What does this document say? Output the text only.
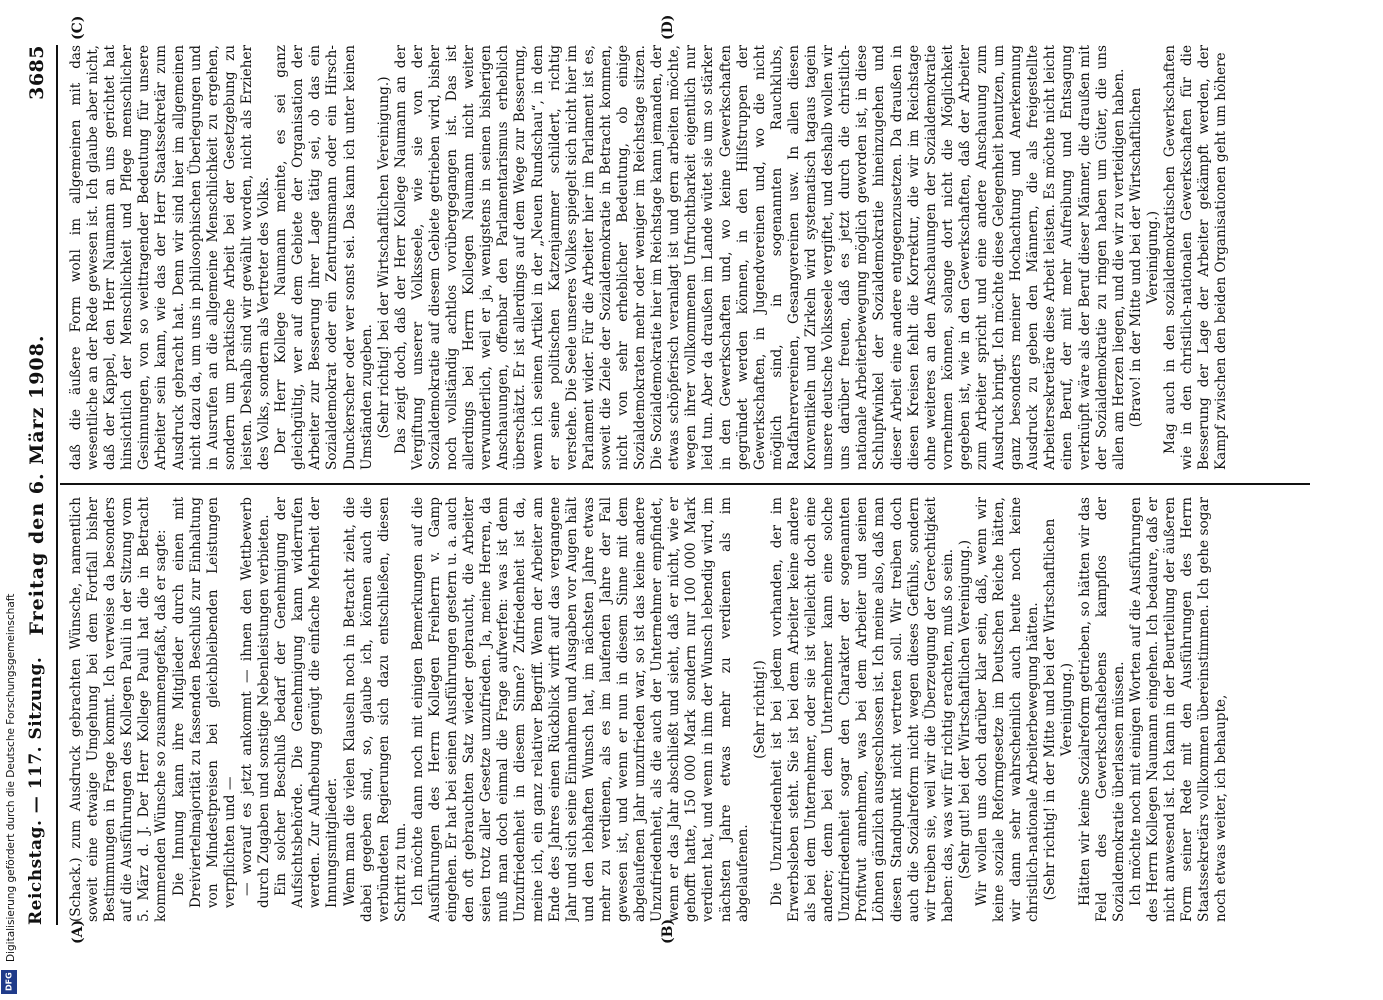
Reichstag. — 117. Sitzung.
Freitag den 6. März 1908.
3685
(A)	(B)
(C)	(D)

(Schack.) zum Ausdruck gebrachten Wünsche, namentlich soweit eine etwaige Umgehung bei dem Fortfall bisher Bestimmungen in Frage kommt. Ich verweise da besonders auf die Ausführungen des Kollegen Pauli in der Sitzung vom 5. März d. J. Der Herr Kollege Pauli hat die in Betracht kommenden Wünsche so zusammengefaßt, daß er sagte: Die Innung kann ihre Mitglieder durch einen mit Dreiviertelmajorität zu fassenden Beschluß zur Einhaltung von Mindestpreisen bei gleichbleibenden Leistungen verpflichten und — — worauf es jetzt ankommt — ihnen den Wettbewerb durch Zugaben und sonstige Nebenleistungen verbieten. Ein solcher Beschluß bedarf der Genehmigung der Aufsichtsbehörde. Die Genehmigung kann widerrufen werden. Zur Aufhebung genügt die einfache Mehrheit der Innungsmitglieder. Wenn man die vielen Klauseln noch in Betracht zieht, die dabei gegeben sind, so, glaube ich, können auch die verbündeten Regierungen sich dazu entschließen, diesen Schritt zu tun. Ich möchte dann noch mit einigen Bemerkungen auf die Ausführungen des Herrn Kollegen Freiherrn v. Gamp eingehen. Er hat bei seinen Ausführungen gestern u. a. auch den oft gebrauchten Satz wieder gebraucht, die Arbeiter seien trotz aller Gesetze unzufrieden. Ja, meine Herren, da muß man doch einmal die Frage aufwerfen: was ist denn Unzufriedenheit in diesem Sinne? Zufriedenheit ist da, meine ich, ein ganz relativer Begriff. Wenn der Arbeiter am Ende des Jahres einen Rückblick wirft auf das vergangene Jahr und sich seine Einnahmen und Ausgaben vor Augen hält und den lebhaften Wunsch hat, im nächsten Jahre etwas mehr zu verdienen, als es im laufenden Jahre der Fall gewesen ist, und wenn er nun in diesem Sinne mit dem abgelaufenen Jahr unzufrieden war, so ist das keine andere Unzufriedenheit, als die auch der Unternehmer empfindet, wenn er das Jahr abschließt und sieht, daß er nicht, wie er gehofft hatte, 150 000 Mark sondern nur 100 000 Mark verdient hat, und wenn in ihm der Wunsch lebendig wird, im nächsten Jahre etwas mehr zu verdienen als im abgelaufenen.

(Sehr richtig!) Die Unzufriedenheit ist bei jedem vorhanden, der im Erwerbsleben steht. Sie ist bei dem Arbeiter keine andere als bei dem Unternehmer, oder sie ist vielleicht doch eine andere; denn bei dem Unternehmer kann eine solche Unzufriedenheit sogar den Charakter der sogenannten Profitwut annehmen, was bei dem Arbeiter und seinen Löhnen gänzlich ausgeschlossen ist. Ich meine also, daß man diesen Standpunkt nicht vertreten soll. Wir treiben doch auch die Sozialreform nicht wegen dieses Gefühls, sondern wir treiben sie, weil wir die Überzeugung der Gerechtigkeit haben: das, was wir für richtig erachten, muß so sein. (Sehr gut! bei der Wirtschaftlichen Vereinigung.) Wir wollen uns doch darüber klar sein, daß, wenn wir keine soziale Reformgesetze im Deutschen Reiche hätten, wir dann sehr wahrscheinlich auch heute noch keine christlich-nationale Arbeiterbewegung hätten. (Sehr richtig! in der Mitte und bei der Wirtschaftlichen Vereinigung.) Hätten wir keine Sozialreform getrieben, so hätten wir das Feld des Gewerkschaftslebens kampflos der Sozialdemokratie überlassen müssen. Ich möchte noch mit einigen Worten auf die Ausführungen des Herrn Kollegen Naumann eingehen. Ich bedaure, daß er nicht anwesend ist. Ich kann in der Beurteilung der äußeren Form seiner Rede mit den Ausführungen des Herrn Staatssekretärs vollkommen übereinstimmen. Ich gehe sogar noch etwas weiter, ich behaupte,

daß die äußere Form wohl im allgemeinen mit das wesentliche an der Rede gewesen ist. Ich glaube aber nicht, daß der Kappel, den Herr Naumann an uns gerichtet hat hinsichtlich der Menschlichkeit und Pflege menschlicher Gesinnungen, von so weittragender Bedeutung für unsere Arbeiter sein kann, wie das der Herr Staatssekretär zum Ausdruck gebracht hat. Denn wir sind hier im allgemeinen nicht dazu da, um uns in philosophischen Überlegungen und in Ausrufen an die allgemeine Menschlichkeit zu ergehen, sondern um praktische Arbeit bei der Gesetzgebung zu leisten. Deshalb sind wir gewählt worden, nicht als Erzieher des Volks, sondern als Vertreter des Volks. Der Herr Kollege Naumann meinte, es sei ganz gleichgültig, wer auf dem Gebiete der Organisation der Arbeiter zur Besserung ihrer Lage tätig sei, ob das ein Sozialdemokrat oder ein Zentrumsmann oder ein Hirsch-Dunckerscher oder wer sonst sei. Das kann ich unter keinen Umständen zugeben. (Sehr richtig! bei der Wirtschaftlichen Vereinigung.) Das zeigt doch, daß der Herr Kollege Naumann an der Vergiftung unserer Volksseele, wie sie von der Sozialdemokratie auf diesem Gebiete getrieben wird, bisher noch vollständig achtlos vorübergegangen ist. Das ist allerdings bei Herrn Kollegen Naumann nicht weiter verwunderlich, weil er ja, wenigstens in seinen bisherigen Anschauungen, offenbar den Parlamentarismus erheblich überschätzt. Er ist allerdings auf dem Wege zur Besserung, wenn ich seinen Artikel in der „Neuen Rundschau“, in dem er seine politischen Katzenjammer schildert, richtig verstehe. Die Seele unseres Volkes spiegelt sich nicht hier im Parlament wider. Für die Arbeiter hier im Parlament ist es, soweit die Ziele der Sozialdemokratie in Betracht kommen, nicht von sehr erheblicher Bedeutung, ob einige Sozialdemokraten mehr oder weniger im Reichstage sitzen. Die Sozialdemokratie hier im Reichstage kann jemanden, der etwas schöpferisch veranlagt ist und gern arbeiten möchte, wegen ihrer vollkommenen Unfruchtbarkeit eigentlich nur leid tun. Aber da draußen im Lande wütet sie um so stärker in den Gewerkschaften und, wo keine Gewerkschaften gegründet werden können, in den Hilfstruppen der Gewerkschaften, in Jugendvereinen und, wo die nicht möglich sind, in sogenannten Rauchklubs, Radfahrervereinen, Gesangvereinen usw. In allen diesen Konventikeln und Zirkeln wird systematisch tagaus tagein unsere deutsche Volksseele vergiftet, und deshalb wollen wir uns darüber freuen, daß es jetzt durch die christlich-nationale Arbeiterbewegung möglich geworden ist, in diese Schlupfwinkel der Sozialdemokratie hineinzugehen und dieser Arbeit eine andere entgegenzusetzen. Da draußen in diesen Kreisen fehlt die Korrektur, die wir im Reichstage ohne weiteres an den Anschauungen der Sozialdemokratie vornehmen können, solange dort nicht die Möglichkeit gegeben ist, wie in den Gewerkschaften, daß der Arbeiter zum Arbeiter spricht und eine andere Anschauung zum Ausdruck bringt. Ich möchte diese Gelegenheit benutzen, um ganz besonders meiner Hochachtung und Anerkennung Ausdruck zu geben den Männern, die als freigestellte Arbeitersekretäre diese Arbeit leisten. Es möchte nicht leicht einen Beruf, der mit mehr Aufreibung und Entsagung verknüpft wäre als der Beruf dieser Männer, die draußen mit der Sozialdemokratie zu ringen haben um Güter, die uns allen am Herzen liegen, und die wir zu verteidigen haben. (Bravo! in der Mitte und bei der Wirtschaftlichen Vereinigung.) Mag auch in den sozialdemokratischen Gewerkschaften wie in den christlich-nationalen Gewerkschaften für die Besserung der Lage der Arbeiter gekämpft werden, der Kampf zwischen den beiden Organisationen geht um höhere

Digitalisierung gefördert durch die Deutsche Forschungsgemeinschaft
DFG
